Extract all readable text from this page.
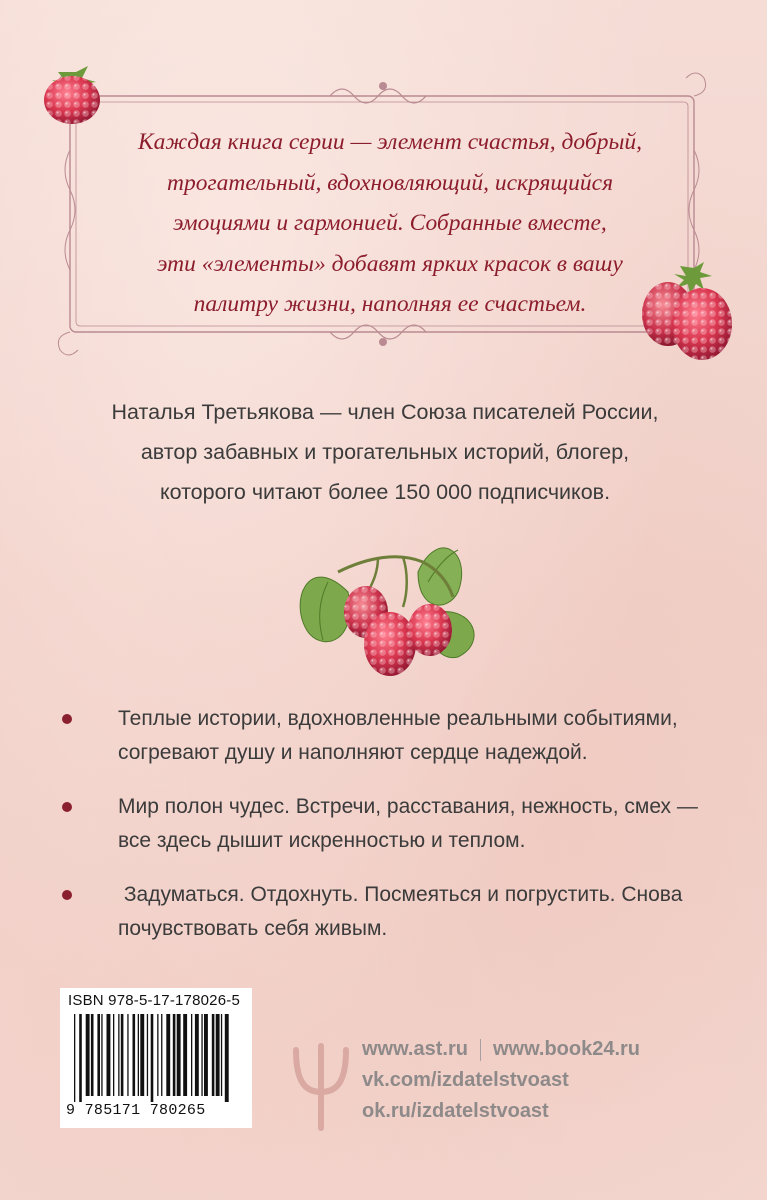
Каждая книга серии — элемент счастья, добрый,
трогательный, вдохновляющий, искрящийся
эмоциями и гармонией. Собранные вместе,
эти «элементы» добавят ярких красок в вашу
палитру жизни, наполняя ее счастьем.
Наталья Третьякова — член Союза писателей России,
автор забавных и трогательных историй, блогер,
которого читают более 150 000 подписчиков.
Теплые истории, вдохновленные реальными событиями,
согревают душу и наполняют сердце надеждой.
Мир полон чудес. Встречи, расставания, нежность, смех —
все здесь дышит искренностью и теплом.
Задуматься. Отдохнуть. Посмеяться и погрустить. Снова
почувствовать себя живым.
ISBN 978-5-17-178026-5
9 785171 780265
www.ast.ru www.book24.ru
vk.com/izdatelstvoast
ok.ru/izdatelstvoast
